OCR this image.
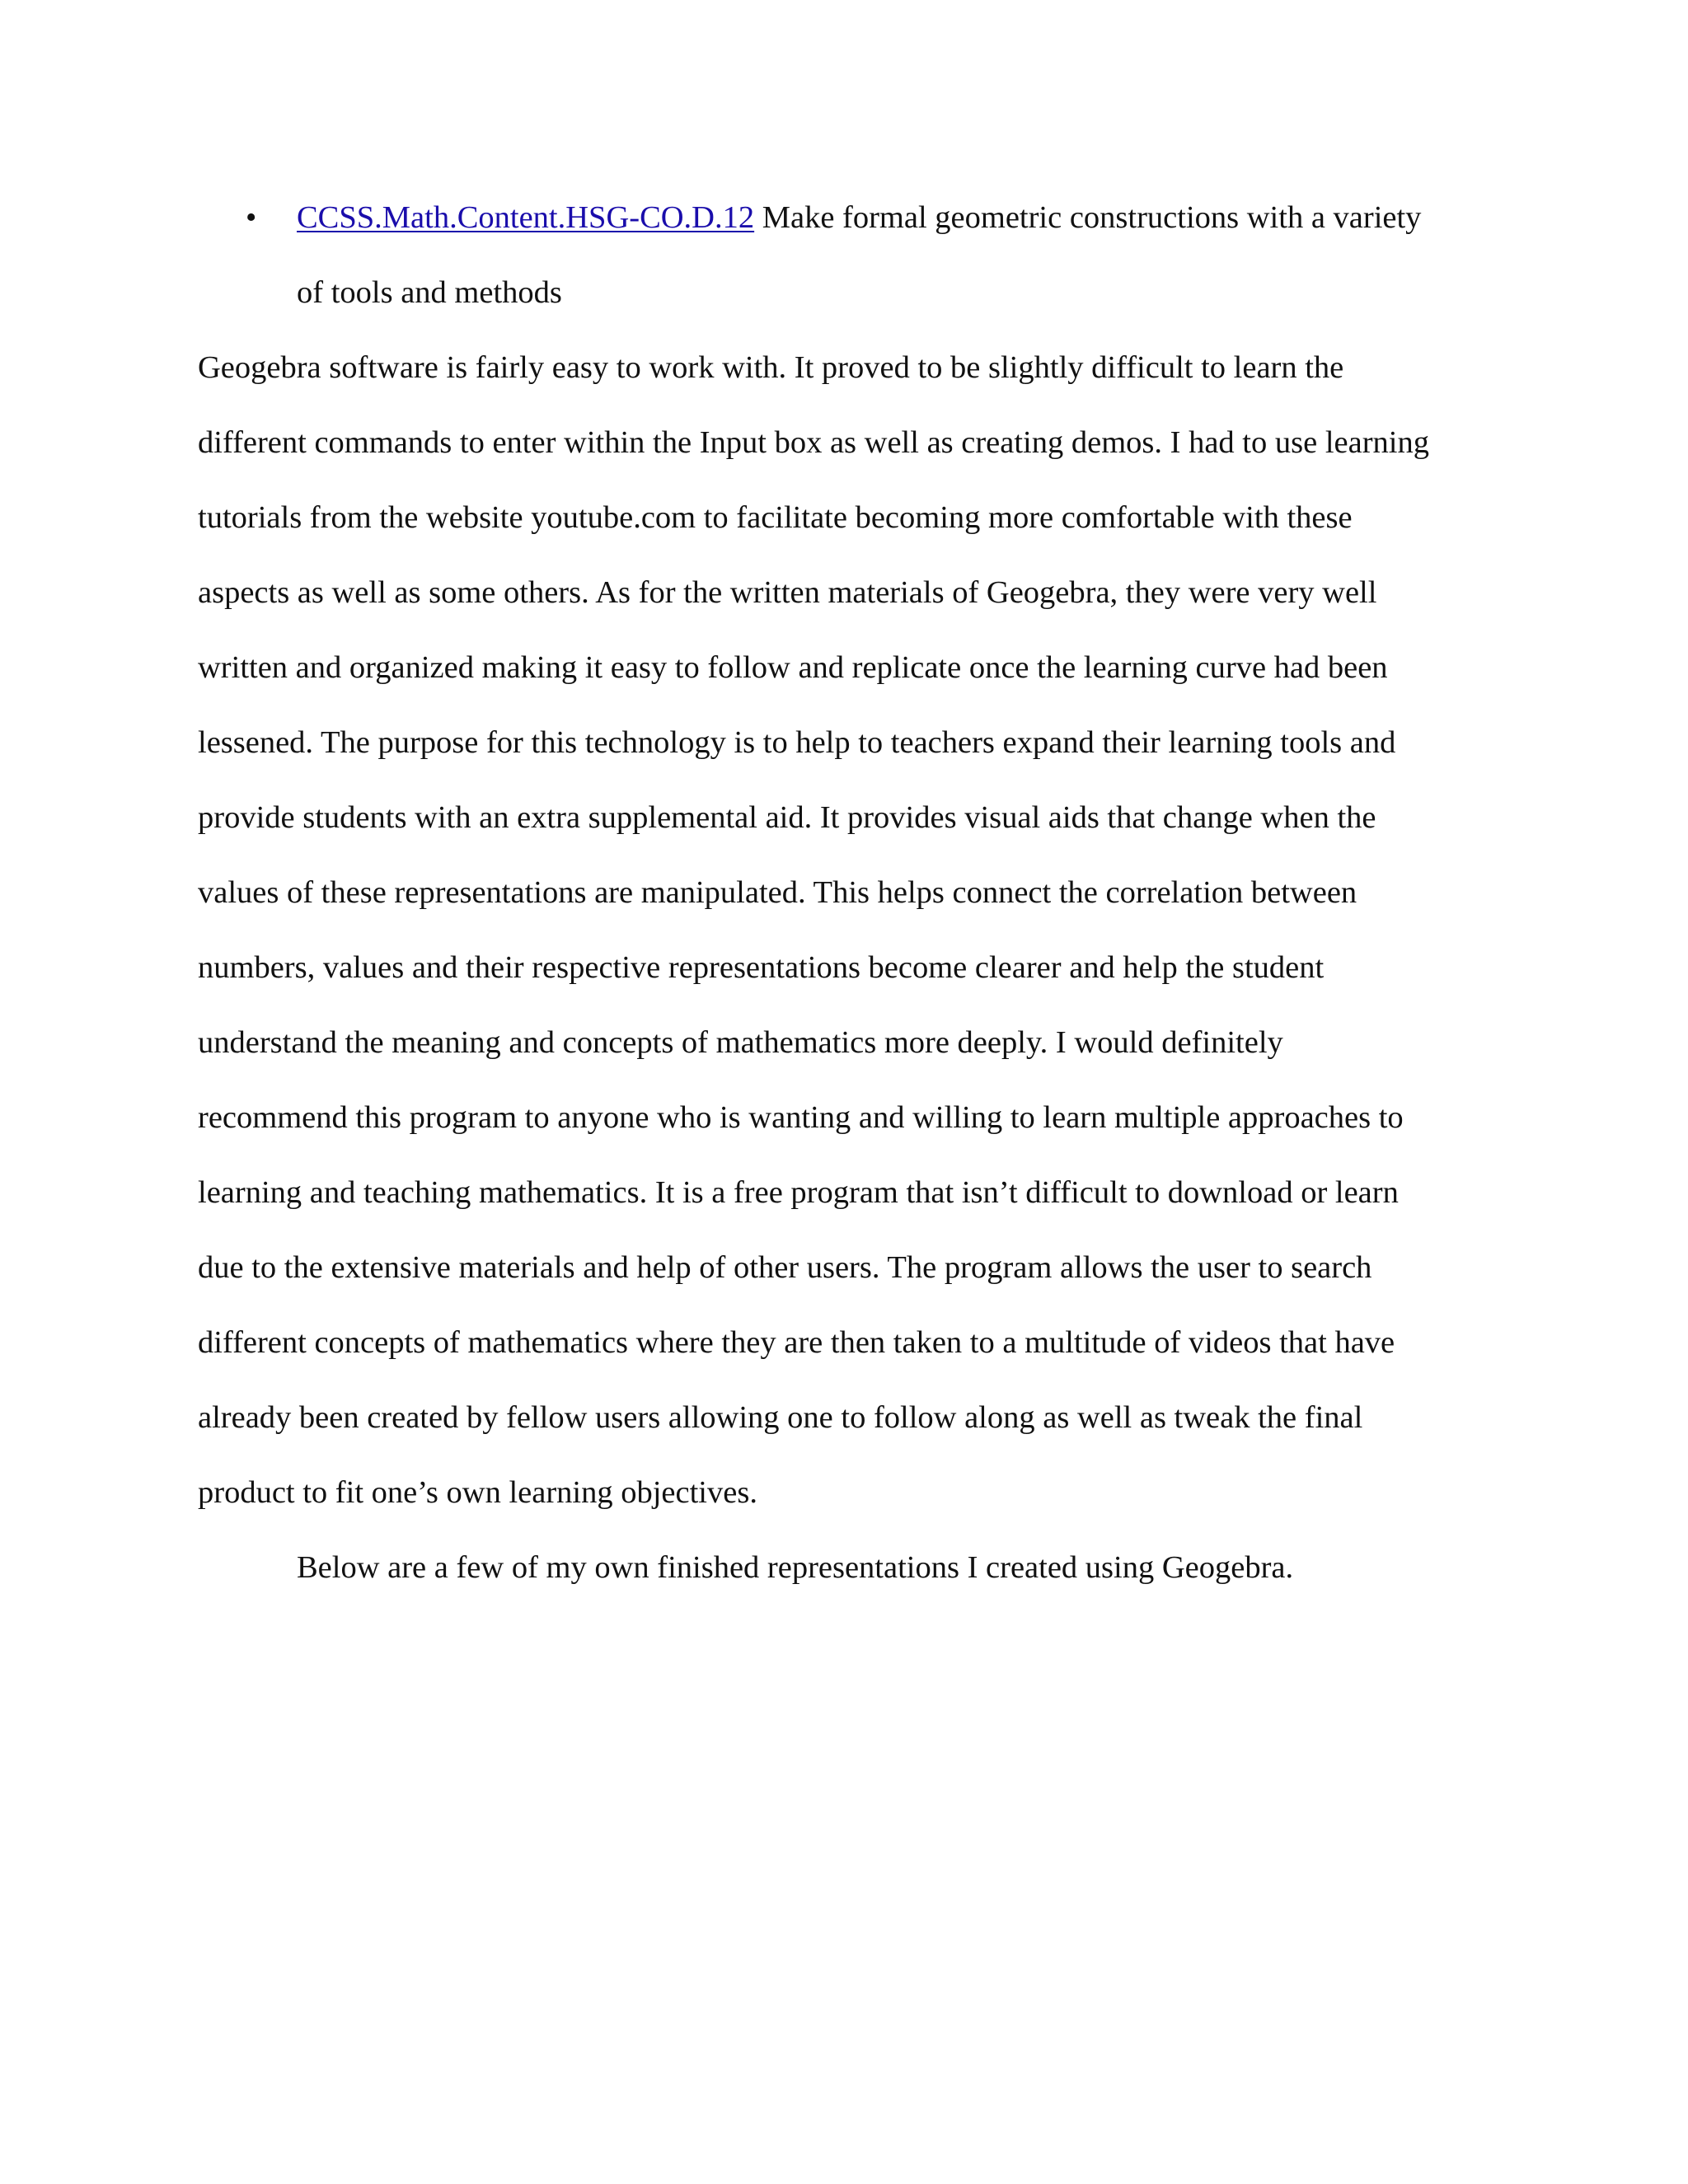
• CCSS.Math.Content.HSG-CO.D.12 Make formal geometric constructions with a variety
of tools and methods
Geogebra software is fairly easy to work with. It proved to be slightly difficult to learn the
different commands to enter within the Input box as well as creating demos. I had to use learning
tutorials from the website youtube.com to facilitate becoming more comfortable with these
aspects as well as some others. As for the written materials of Geogebra, they were very well
written and organized making it easy to follow and replicate once the learning curve had been
lessened. The purpose for this technology is to help to teachers expand their learning tools and
provide students with an extra supplemental aid. It provides visual aids that change when the
values of these representations are manipulated. This helps connect the correlation between
numbers, values and their respective representations become clearer and help the student
understand the meaning and concepts of mathematics more deeply. I would definitely
recommend this program to anyone who is wanting and willing to learn multiple approaches to
learning and teaching mathematics. It is a free program that isn’t difficult to download or learn
due to the extensive materials and help of other users. The program allows the user to search
different concepts of mathematics where they are then taken to a multitude of videos that have
already been created by fellow users allowing one to follow along as well as tweak the final
product to fit one’s own learning objectives.
Below are a few of my own finished representations I created using Geogebra.
